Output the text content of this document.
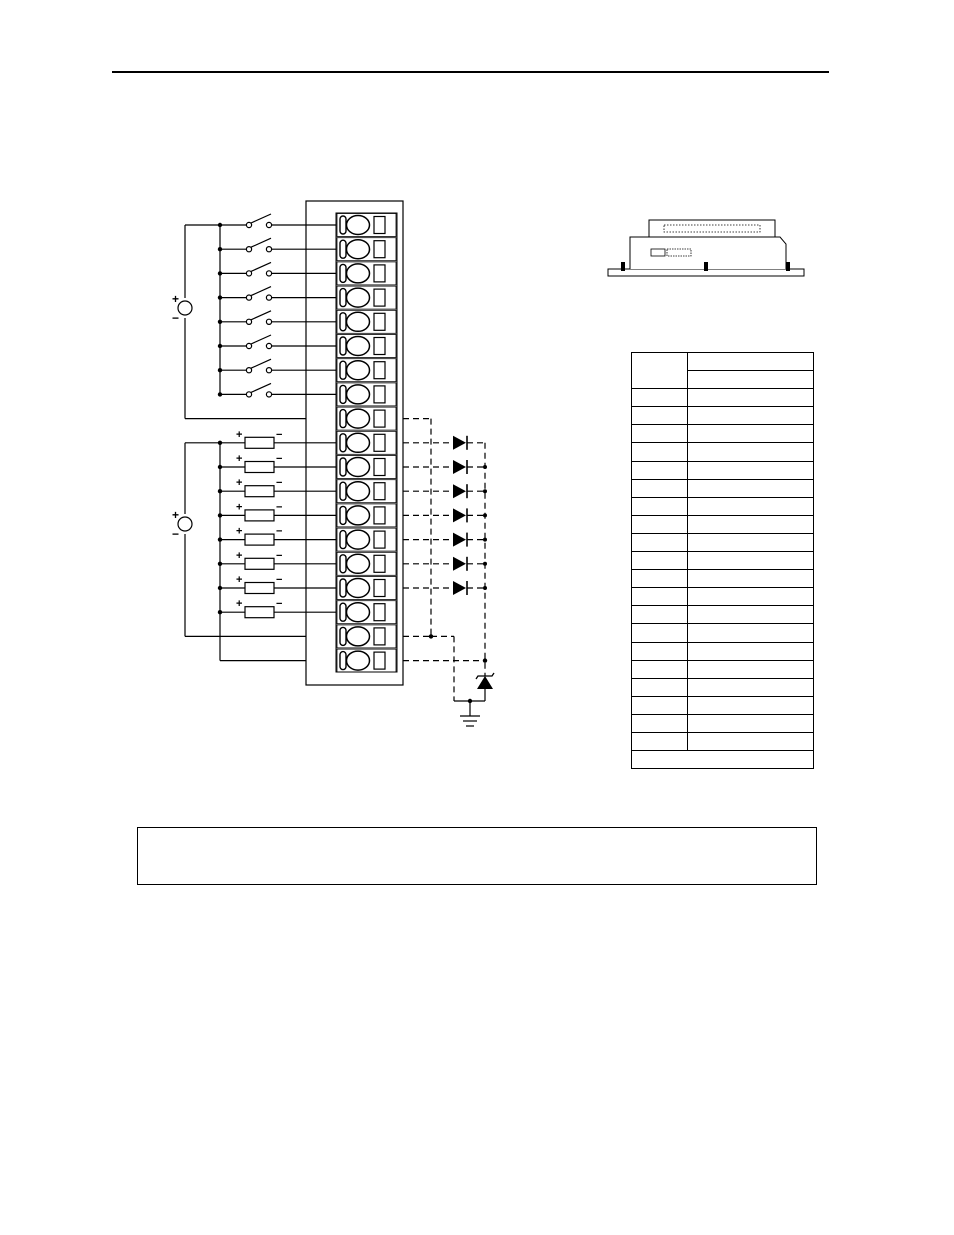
+	−
+	−
+	−
+	−
+	−
+	−
+	−
+	−
+
−
+
−
